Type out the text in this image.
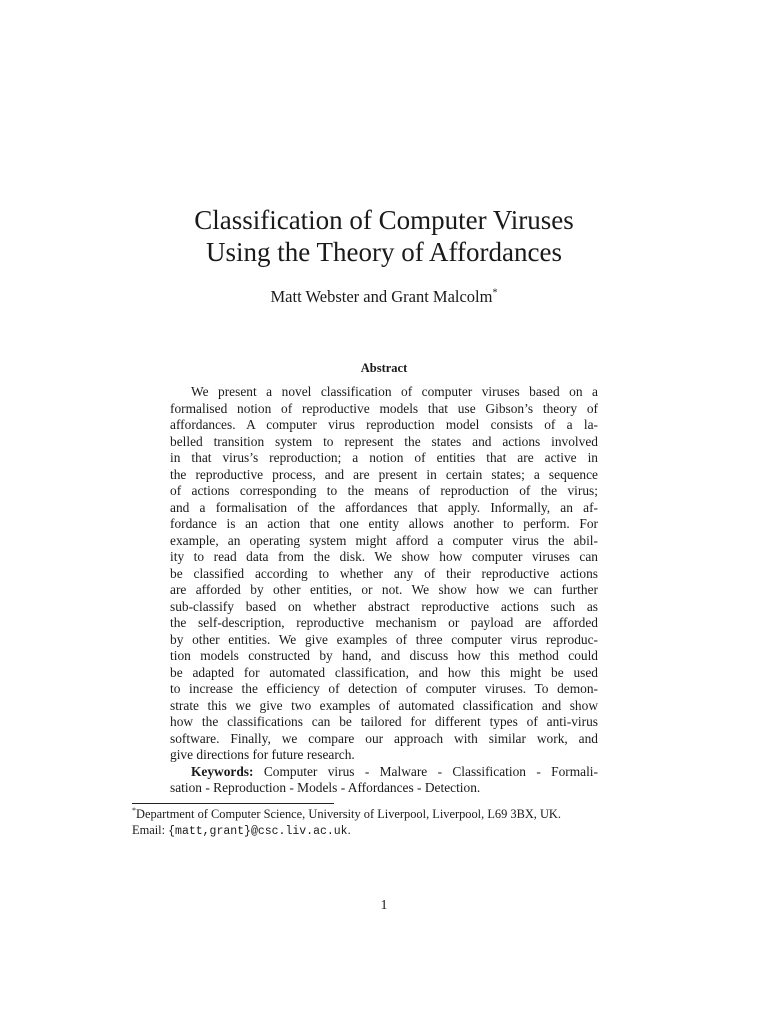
Classification of Computer Viruses
Using the Theory of Affordances
Matt Webster and Grant Malcolm*
Abstract
We present a novel classification of computer viruses based on a
formalised notion of reproductive models that use Gibson’s theory of
affordances. A computer virus reproduction model consists of a la-
belled transition system to represent the states and actions involved
in that virus’s reproduction; a notion of entities that are active in
the reproductive process, and are present in certain states; a sequence
of actions corresponding to the means of reproduction of the virus;
and a formalisation of the affordances that apply. Informally, an af-
fordance is an action that one entity allows another to perform. For
example, an operating system might afford a computer virus the abil-
ity to read data from the disk. We show how computer viruses can
be classified according to whether any of their reproductive actions
are afforded by other entities, or not. We show how we can further
sub-classify based on whether abstract reproductive actions such as
the self-description, reproductive mechanism or payload are afforded
by other entities. We give examples of three computer virus reproduc-
tion models constructed by hand, and discuss how this method could
be adapted for automated classification, and how this might be used
to increase the efficiency of detection of computer viruses. To demon-
strate this we give two examples of automated classification and show
how the classifications can be tailored for different types of anti-virus
software. Finally, we compare our approach with similar work, and
give directions for future research.
Keywords: Computer virus - Malware - Classification - Formali-
sation - Reproduction - Models - Affordances - Detection.
*Department of Computer Science, University of Liverpool, Liverpool, L69 3BX, UK.
Email: {matt,grant}@csc.liv.ac.uk.
1
